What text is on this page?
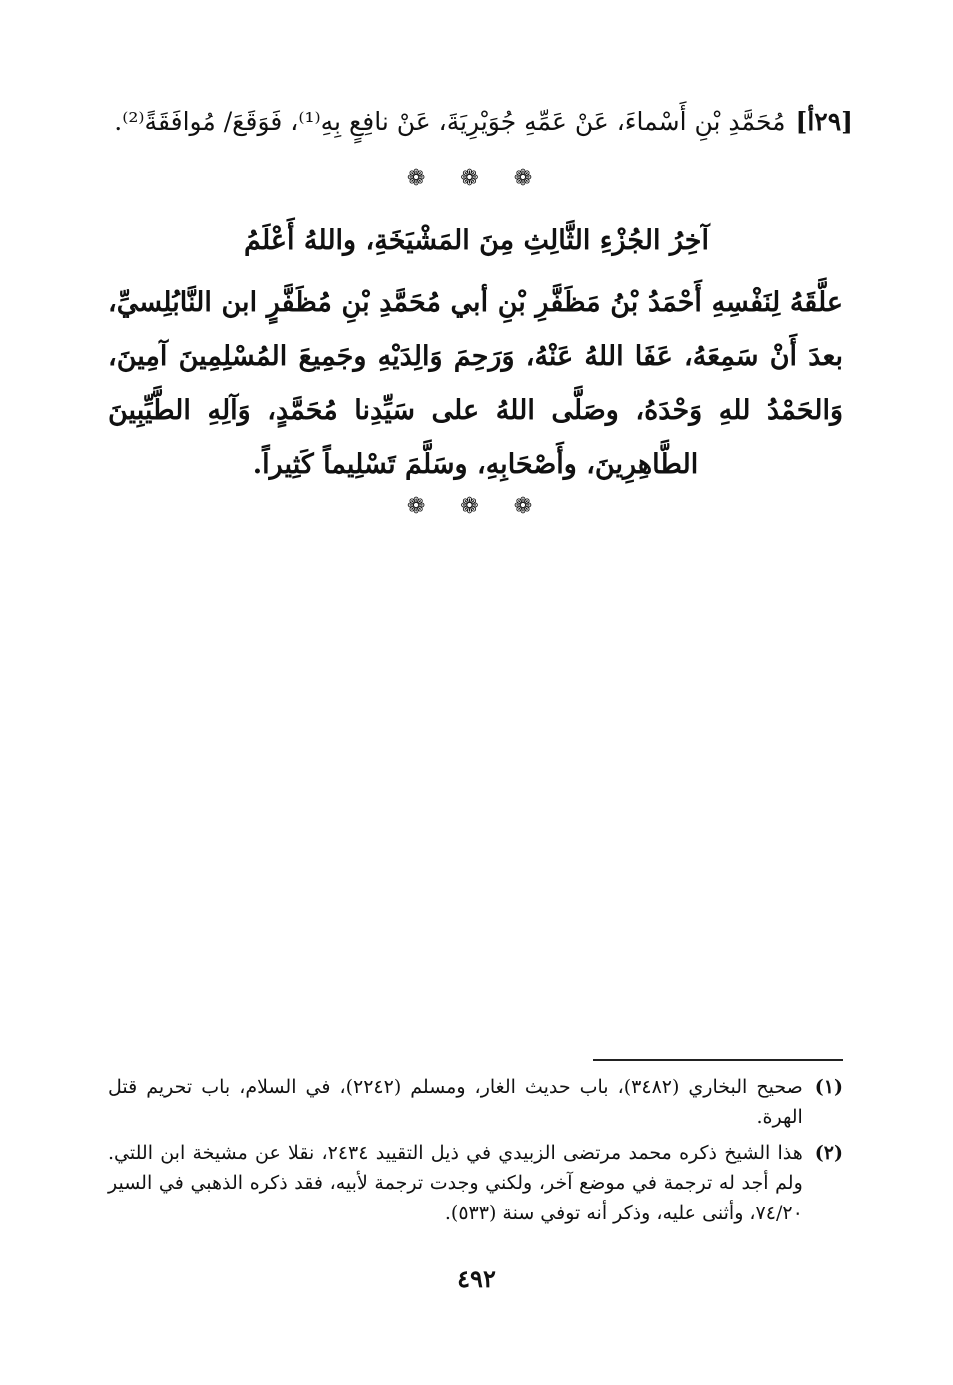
[٢٩أ]مُحَمَّدِ بْنِ أَسْماءَ، عَنْ عَمِّهِ جُوَيْرِيَةَ، عَنْ نافِعٍ بِهِ⁽¹⁾، فَوَقَعَ/ مُوافَقَةً⁽²⁾.
❁ ❁ ❁
آخِرُ الجُزْءِ الثَّالِثِ مِنَ المَشْيَخَةِ، واللهُ أَعْلَمُ
علَّقَهُ لِنَفْسِهِ أَحْمَدُ بْنُ مَظَفَّرِ بْنِ أبي مُحَمَّدِ بْنِ مُظَفَّرٍ ابن النَّابُلِسيِّ، بعدَ أَنْ سَمِعَهُ، عَفَا اللهُ عَنْهُ، وَرَحِمَ وَالِدَيْهِ وجَمِيعَ المُسْلِمِينَ آمِينَ، وَالحَمْدُ للهِ وَحْدَهُ، وصَلَّى اللهُ على سَيِّدِنا مُحَمَّدٍ، وَآلِهِ الطَّيِّبِينَ الطَّاهِرِينَ، وأَصْحَابِهِ، وسَلَّمَ تَسْلِيماً كَثِيراً.
❁ ❁ ❁
(١)
صحيح البخاري (٣٤٨٢)، باب حديث الغار، ومسلم (٢٢٤٢)، في السلام، باب تحريم قتل الهرة.
(٢)
هذا الشيخ ذكره محمد مرتضى الزبيدي في ذيل التقييد ٢٤٣٤، نقلا عن مشيخة ابن اللتي. ولم أجد له ترجمة في موضع آخر، ولكني وجدت ترجمة لأبيه، فقد ذكره الذهبي في السير ٧٤/٢٠، وأثنى عليه، وذكر أنه توفي سنة (٥٣٣).
٤٩٢
